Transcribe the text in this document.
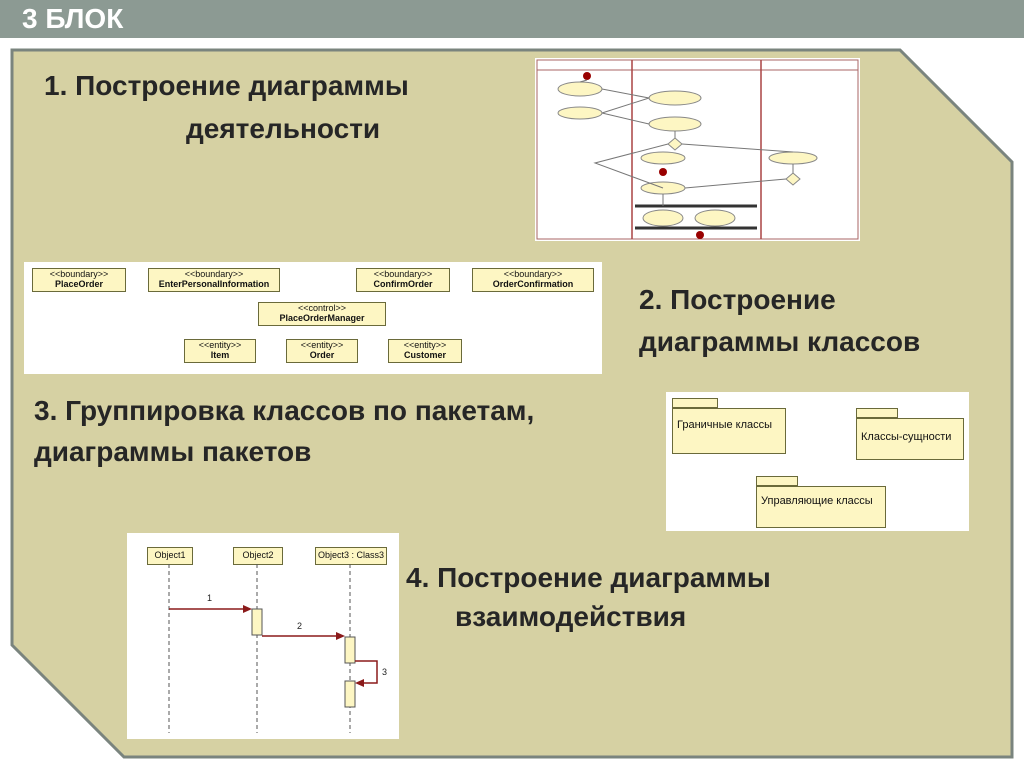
3 БЛОК
1. Построение диаграммы
деятельности
<<boundary>>
PlaceOrder
<<boundary>>
EnterPersonalInformation
<<boundary>>
ConfirmOrder
<<boundary>>
OrderConfirmation
<<control>>
PlaceOrderManager
<<entity>>
Item
<<entity>>
Order
<<entity>>
Customer
2. Построение
диаграммы классов
3. Группировка классов по пакетам,
диаграммы пакетов
Граничные классы
Классы-сущности
Управляющие классы
Object1	Object2	Object3 : Class3
1
2
3
4. Построение диаграммы
взаимодействия
